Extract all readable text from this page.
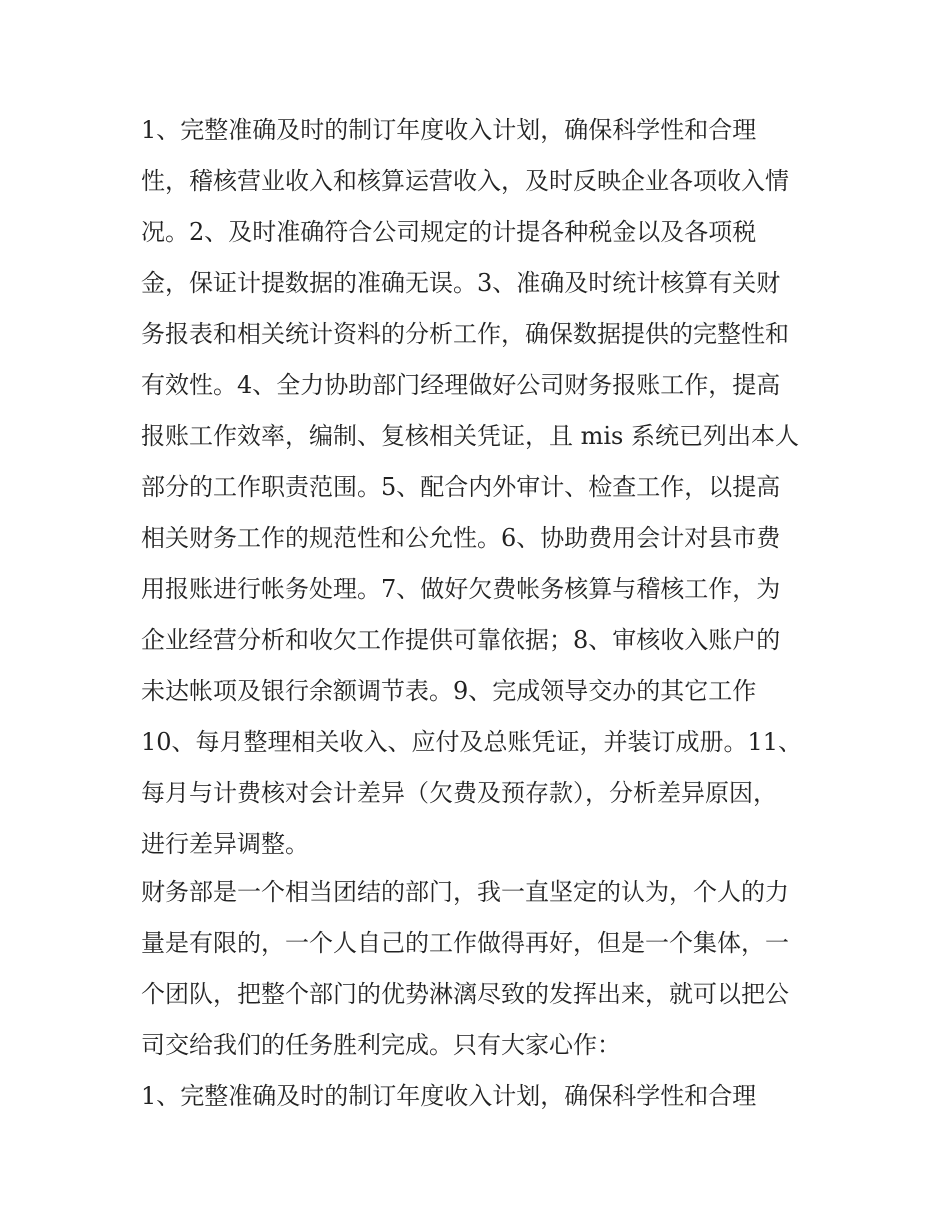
1、完整准确及时的制订年度收入计划，确保科学性和合理
性，稽核营业收入和核算运营收入，及时反映企业各项收入情
况。2、及时准确符合公司规定的计提各种税金以及各项税
金，保证计提数据的准确无误。3、准确及时统计核算有关财
务报表和相关统计资料的分析工作，确保数据提供的完整性和
有效性。4、全力协助部门经理做好公司财务报账工作，提高
报账工作效率，编制、复核相关凭证，且 mis 系统已列出本人
部分的工作职责范围。5、配合内外审计、检查工作，以提高
相关财务工作的规范性和公允性。6、协助费用会计对县市费
用报账进行帐务处理。7、做好欠费帐务核算与稽核工作，为
企业经营分析和收欠工作提供可靠依据；8、审核收入账户的
未达帐项及银行余额调节表。9、完成领导交办的其它工作
10、每月整理相关收入、应付及总账凭证，并装订成册。11、
每月与计费核对会计差异（欠费及预存款），分析差异原因，
进行差异调整。
财务部是一个相当团结的部门，我一直坚定的认为，个人的力
量是有限的，一个人自己的工作做得再好，但是一个集体，一
个团队，把整个部门的优势淋漓尽致的发挥出来，就可以把公
司交给我们的任务胜利完成。只有大家心作：
1、完整准确及时的制订年度收入计划，确保科学性和合理
